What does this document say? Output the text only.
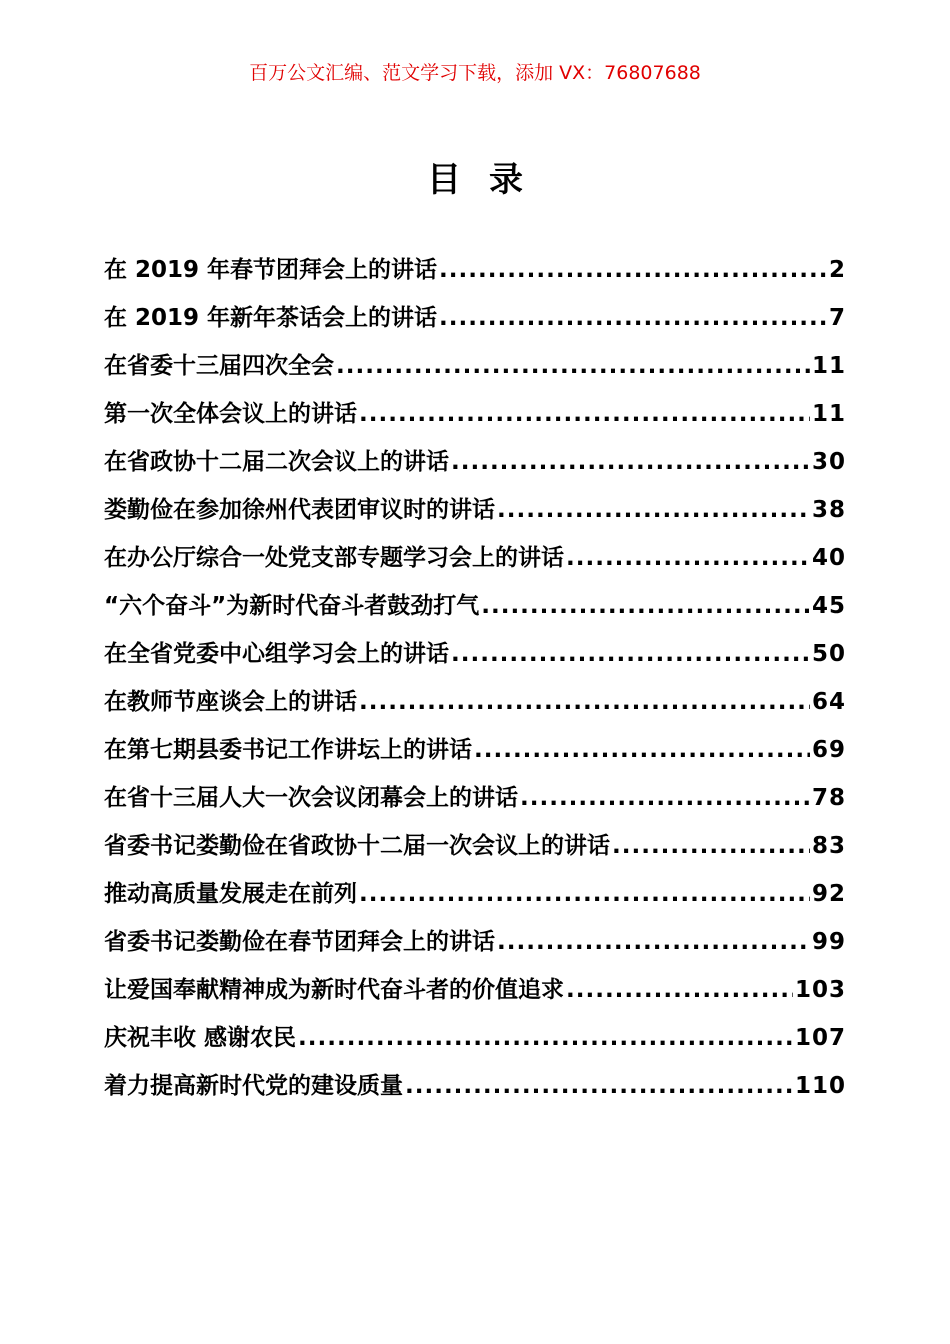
百万公文汇编、范文学习下载，添加 VX：76807688
目录
在 2019 年春节团拜会上的讲话 .....	2
在 2019 年新年茶话会上的讲话 .....	7
在省委十三届四次全会 .....	11
第一次全体会议上的讲话 .....	11
在省政协十二届二次会议上的讲话 .....	30
娄勤俭在参加徐州代表团审议时的讲话 .....	38
在办公厅综合一处党支部专题学习会上的讲话 .....	40
“六个奋斗”为新时代奋斗者鼓劲打气 .....	45
在全省党委中心组学习会上的讲话 .....	50
在教师节座谈会上的讲话 .....	64
在第七期县委书记工作讲坛上的讲话 .....	69
在省十三届人大一次会议闭幕会上的讲话 .....	78
省委书记娄勤俭在省政协十二届一次会议上的讲话 .....	83
推动高质量发展走在前列 .....	92
省委书记娄勤俭在春节团拜会上的讲话 .....	99
让爱国奉献精神成为新时代奋斗者的价值追求 .....	103
庆祝丰收 感谢农民 .....	107
着力提高新时代党的建设质量 .....	110
